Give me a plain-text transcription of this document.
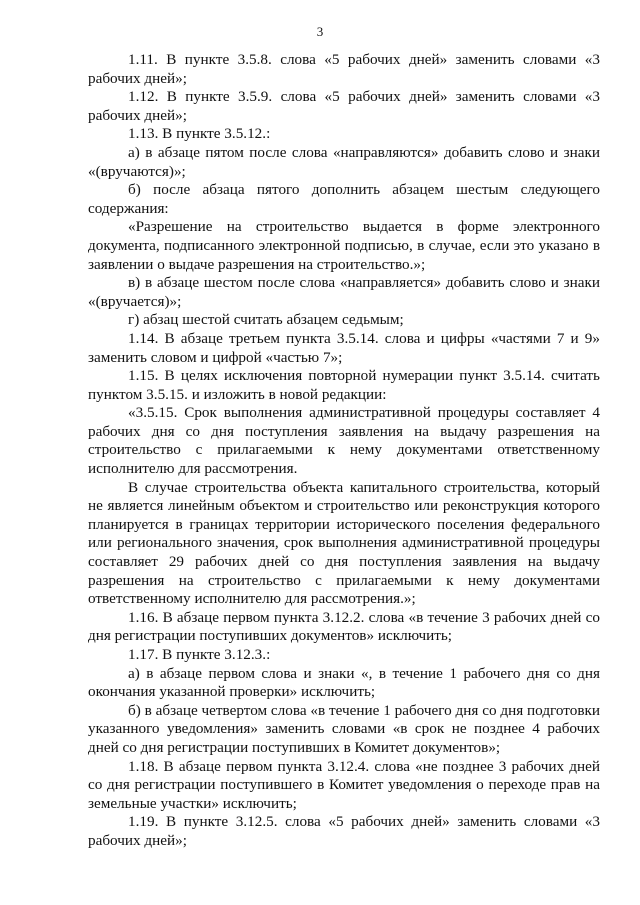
3

1.11. В пункте 3.5.8. слова «5 рабочих дней» заменить словами «3 рабочих дней»;

1.12. В пункте 3.5.9. слова «5 рабочих дней» заменить словами «3 рабочих дней»;

1.13. В пункте 3.5.12.:

а) в абзаце пятом после слова «направляются» добавить слово и знаки «(вручаются)»;

б) после абзаца пятого дополнить абзацем шестым следующего содержания:

«Разрешение на строительство выдается в форме электронного документа, подписанного электронной подписью, в случае, если это указано в заявлении о выдаче разрешения на строительство.»;

в) в абзаце шестом после слова «направляется» добавить слово и знаки «(вручается)»;

г) абзац шестой считать абзацем седьмым;

1.14. В абзаце третьем пункта 3.5.14. слова и цифры «частями 7 и 9» заменить словом и цифрой «частью 7»;

1.15. В целях исключения повторной нумерации пункт 3.5.14. считать пунктом 3.5.15. и изложить в новой редакции:

«3.5.15. Срок выполнения административной процедуры составляет 4 рабочих дня со дня поступления заявления на выдачу разрешения на строительство с прилагаемыми к нему документами ответственному исполнителю для рассмотрения.

В случае строительства объекта капитального строительства, который не является линейным объектом и строительство или реконструкция которого планируется в границах территории исторического поселения федерального или регионального значения, срок выполнения административной процедуры составляет 29 рабочих дней со дня поступления заявления на выдачу разрешения на строительство с прилагаемыми к нему документами ответственному исполнителю для рассмотрения.»;

1.16. В абзаце первом пункта 3.12.2. слова «в течение 3 рабочих дней со дня регистрации поступивших документов» исключить;

1.17. В пункте 3.12.3.:

а) в абзаце первом слова и знаки «, в течение 1 рабочего дня со дня окончания указанной проверки» исключить;

б) в абзаце четвертом слова «в течение 1 рабочего дня со дня подготовки указанного уведомления» заменить словами «в срок не позднее 4 рабочих дней со дня регистрации поступивших в Комитет документов»;

1.18. В абзаце первом пункта 3.12.4. слова «не позднее 3 рабочих дней со дня регистрации поступившего в Комитет уведомления о переходе прав на земельные участки» исключить;

1.19. В пункте 3.12.5. слова «5 рабочих дней» заменить словами «3 рабочих дней»;
